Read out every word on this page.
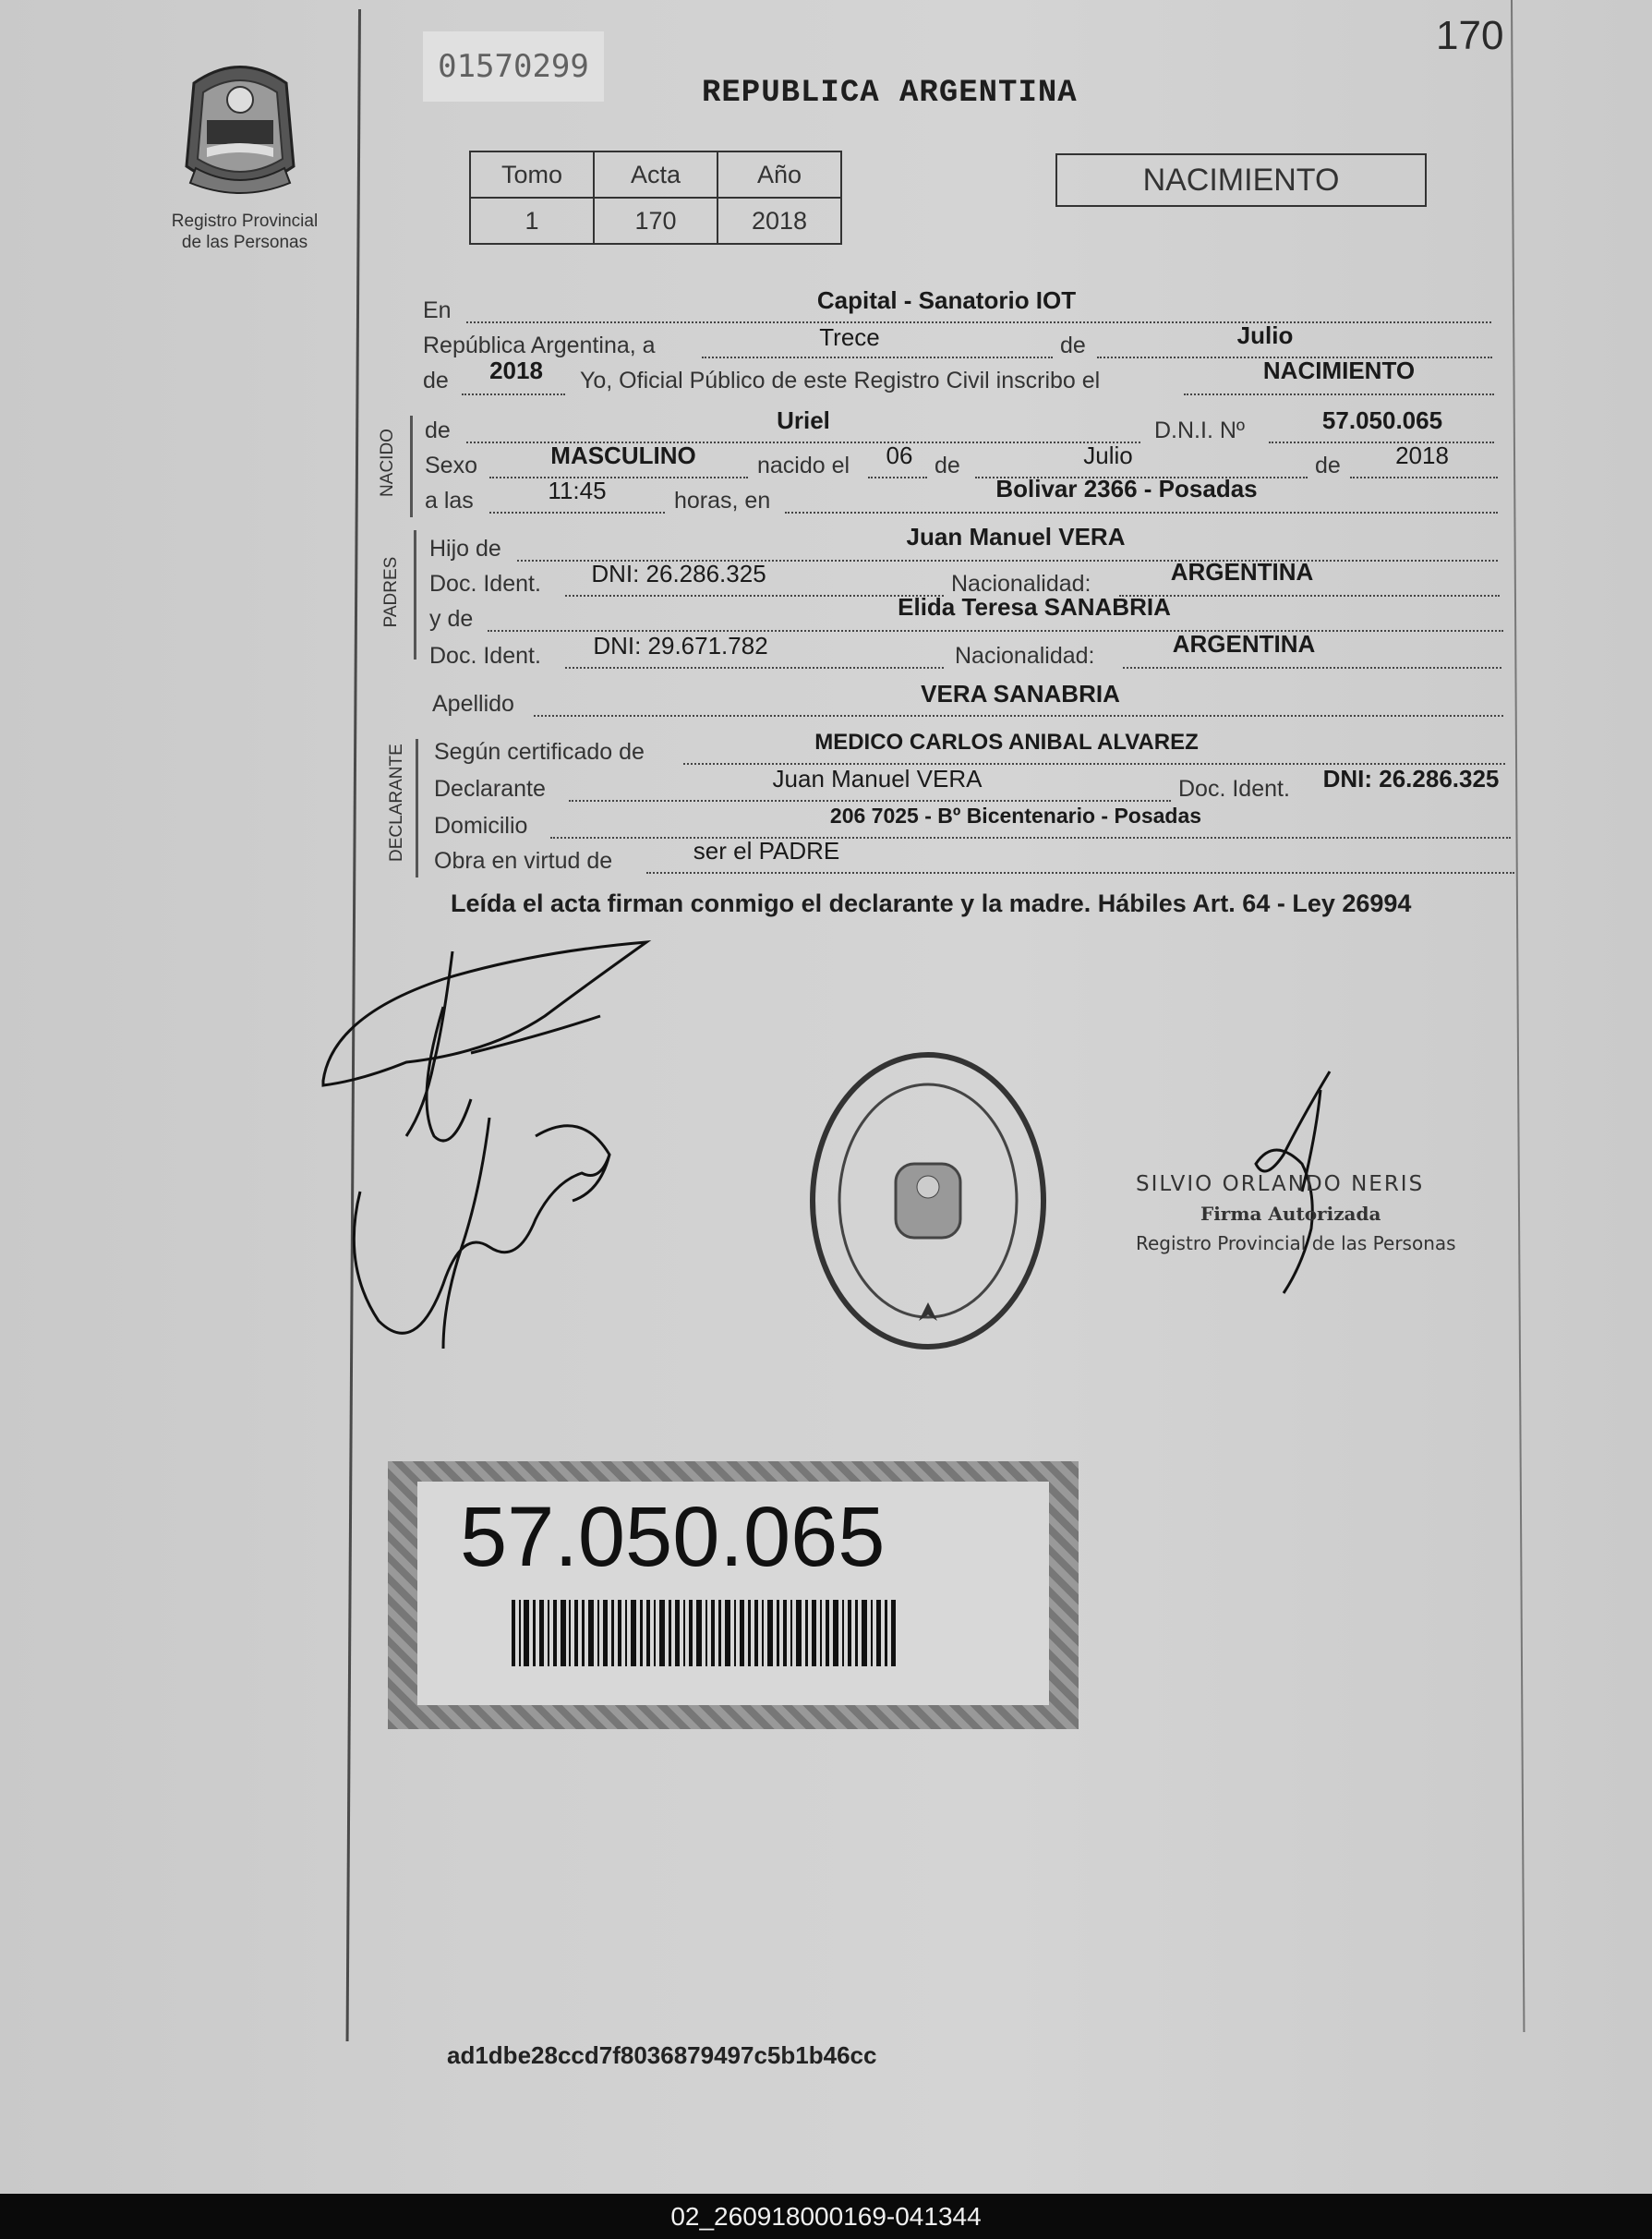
170
01570299
REPUBLICA ARGENTINA
Registro Provincial
de las Personas
Tomo	Acta	Año
1	170	2018
NACIMIENTO
En	Capital - Sanatorio IOT
República Argentina, a	Trece	de	Julio
de	2018	Yo, Oficial Público de este Registro Civil inscribo el	NACIMIENTO
NACIDO de	Uriel	D.N.I. Nº	57.050.065
Sexo	MASCULINO	nacido el	06 de	Julio	de	2018
a las	11:45	horas, en	Bolivar 2366 - Posadas
PADRES
Hijo de	Juan Manuel VERA
Doc. Ident.	DNI: 26.286.325	Nacionalidad:	ARGENTINA
y de	Elida Teresa SANABRIA
Doc. Ident.	DNI: 29.671.782	Nacionalidad:	ARGENTINA
Apellido	VERA SANABRIA
DECLARANTE Según certificado de	MEDICO CARLOS ANIBAL ALVAREZ
Declarante	Juan Manuel VERA	Doc. Ident.	DNI: 26.286.325
Domicilio	206 7025 - Bº Bicentenario - Posadas
Obra en virtud de	ser el PADRE
Leída el acta firman conmigo el declarante y la madre. Hábiles Art. 64 - Ley 26994
SILVIO ORLANDO NERIS
Firma Autorizada
Registro Provincial de las Personas
57.050.065
ad1dbe28ccd7f8036879497c5b1b46cc
02_260918000169-041344
